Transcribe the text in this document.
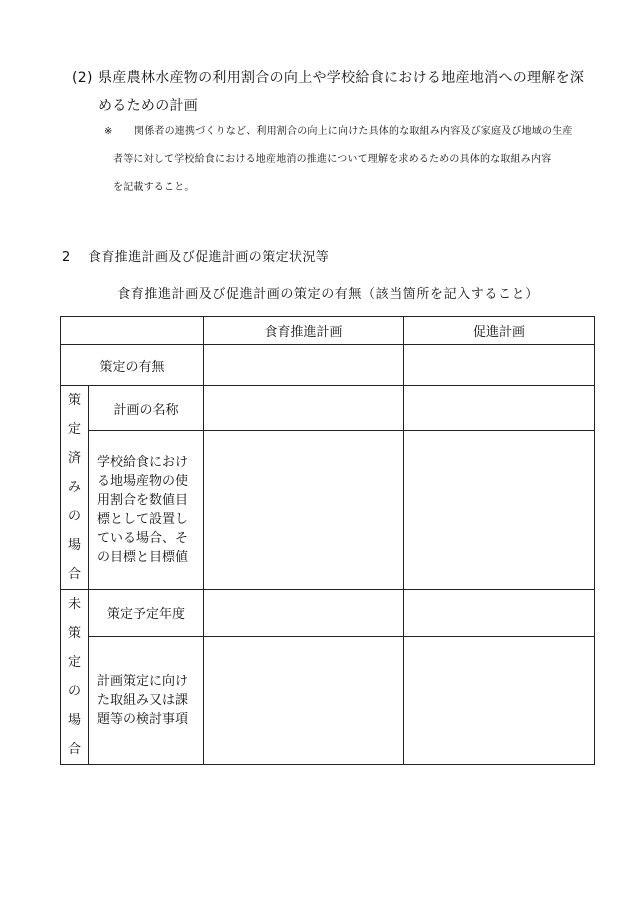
(2) 県産農林水産物の利用割合の向上や学校給食における地産地消への理解を深
めるための計画
※ 関係者の連携づくりなど、利用割合の向上に向けた具体的な取組み内容及び家庭及び地域の生産
者等に対して学校給食における地産地消の推進について理解を求めるための具体的な取組み内容
を記載すること。
2 食育推進計画及び促進計画の策定状況等
食育推進計画及び促進計画の策定の有無（該当箇所を記入すること）
		食育推進計画	促進計画
策定の有無			
策定済みの場合	計画の名称		
	学校給食における地場産物の使用割合を数値目標として設置している場合、その目標と目標値		
未策定の場合	策定予定年度		
	計画策定に向けた取組み又は課題等の検討事項		
